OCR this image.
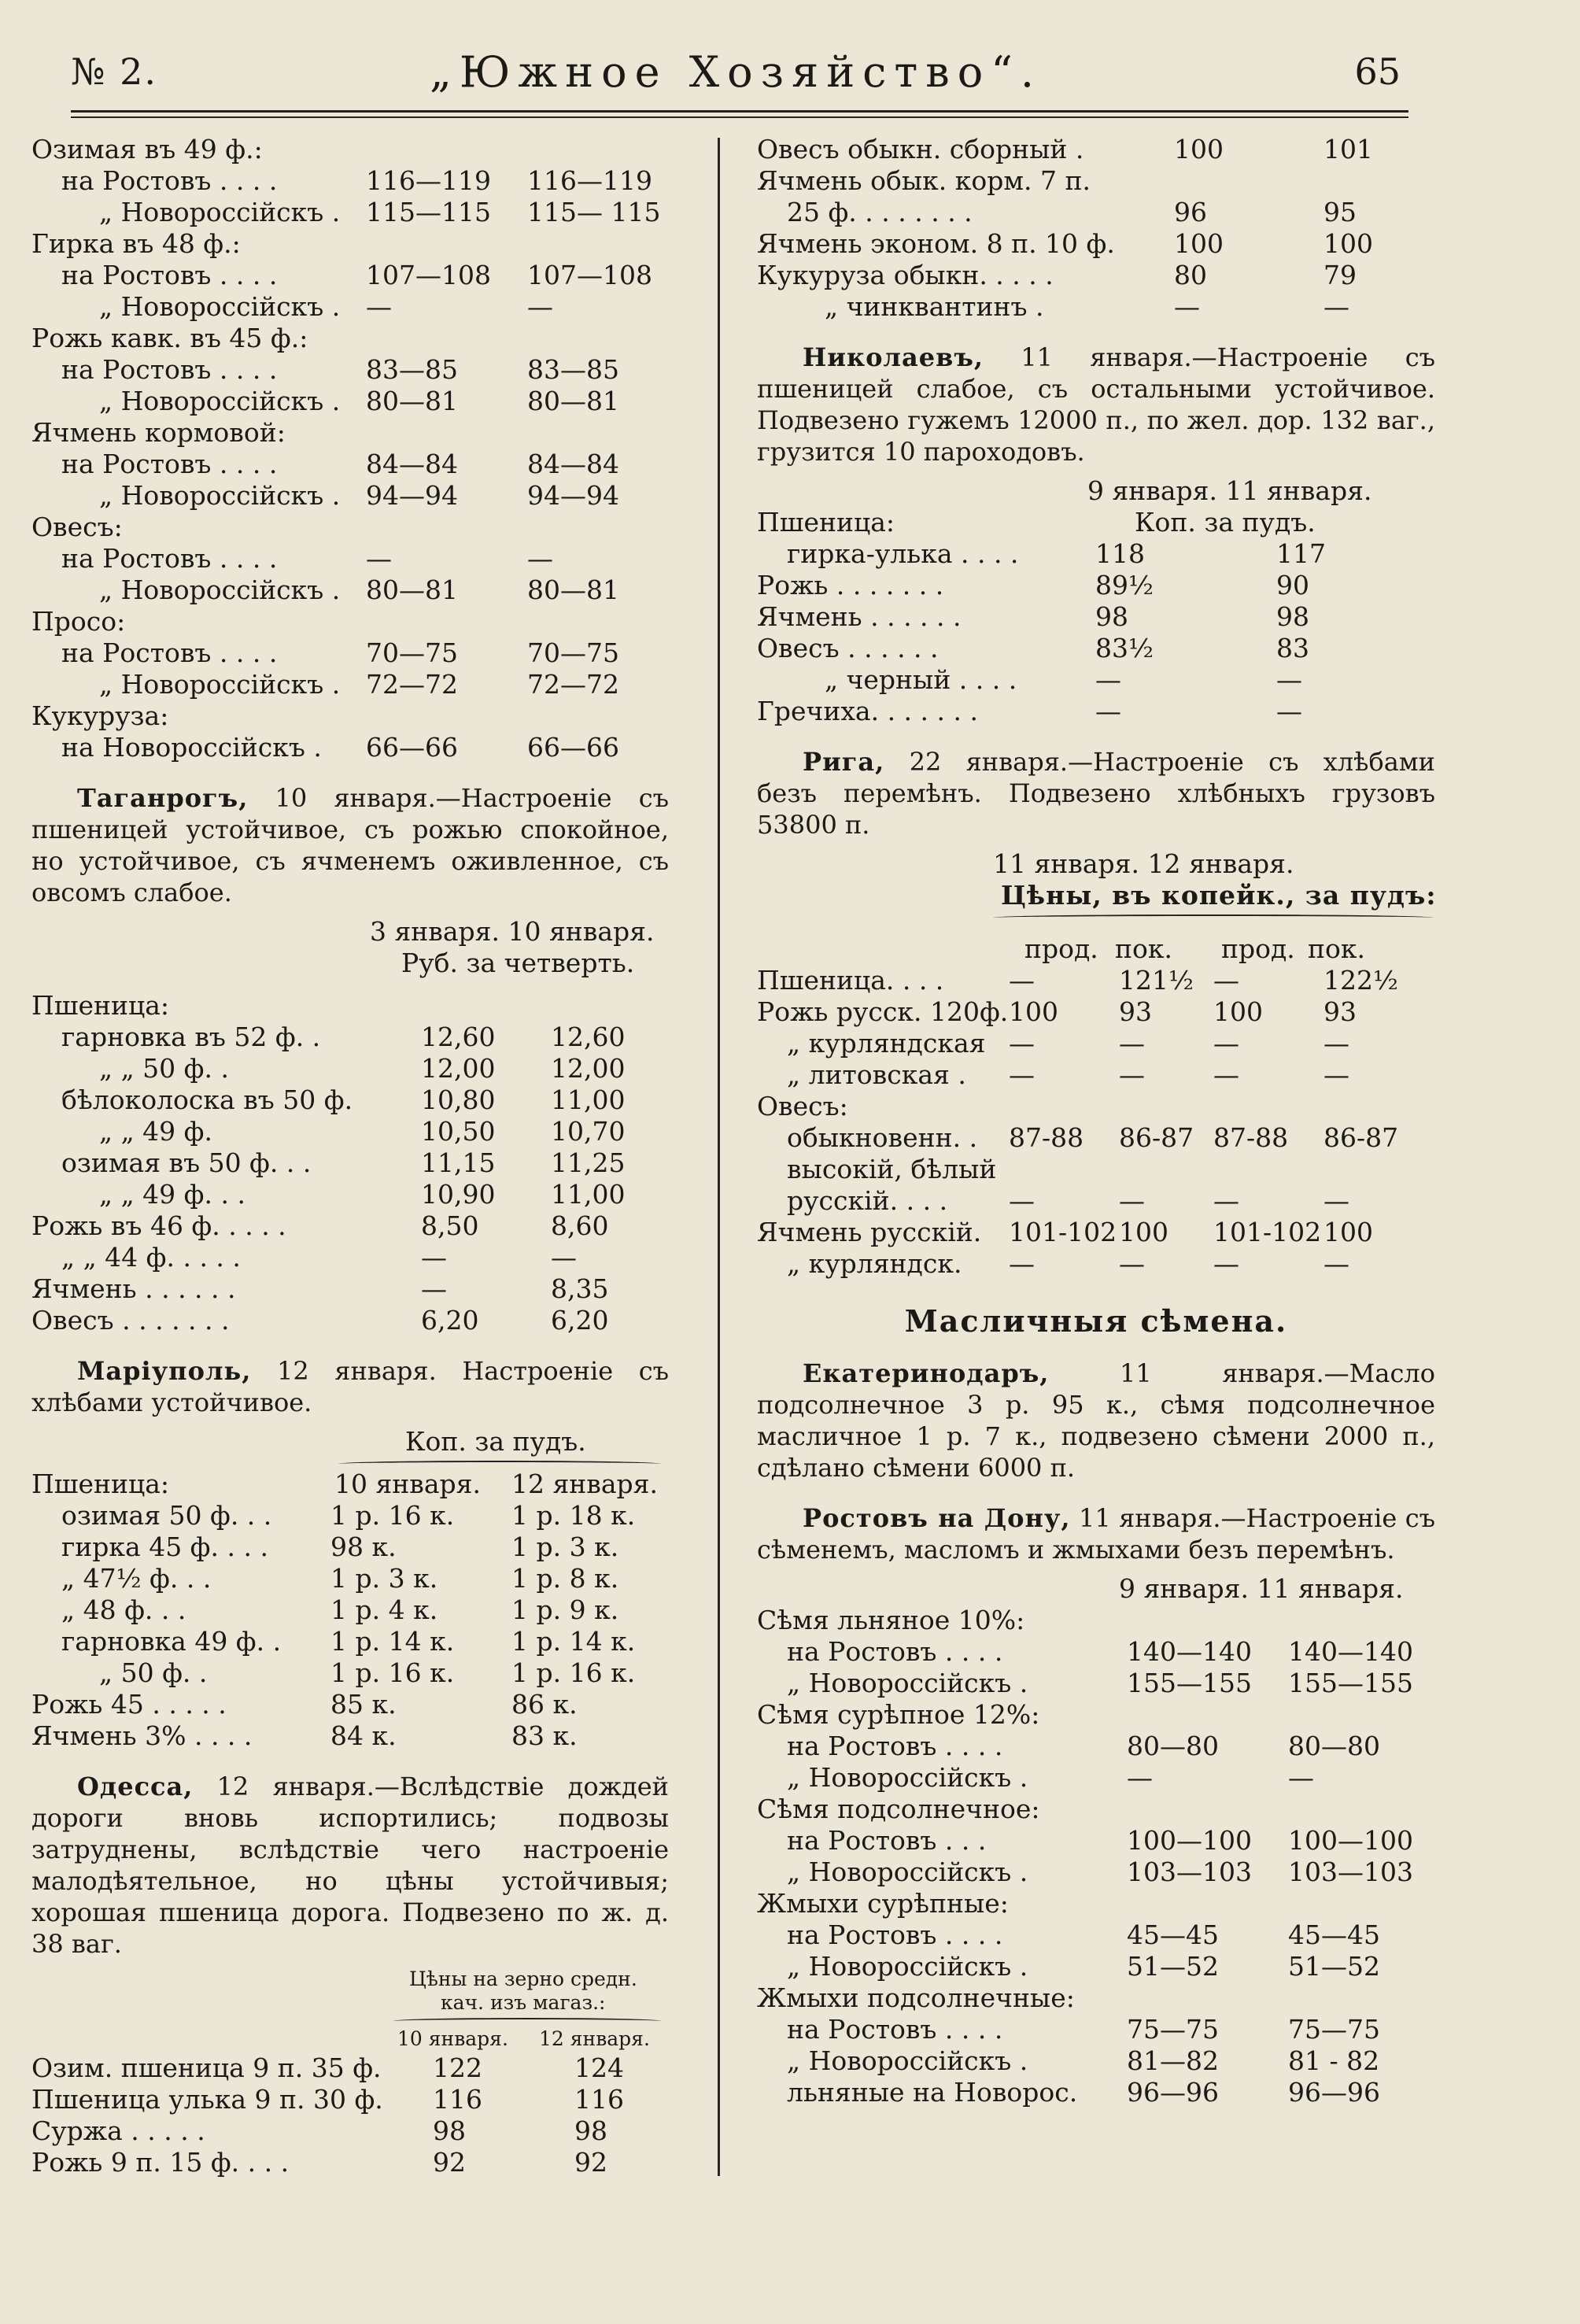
№ 2.	„Южное Хозяйство“.	65
Озимая въ 49 ф.:
на Ростовъ . . . .	116—119 116—119
„ Новороссійскъ . 115—115 115— 115
Гирка въ 48 ф.:
на Ростовъ . . . .	107—108 107—108
„ Новороссійскъ . —	—
Рожь кавк. въ 45 ф.:
на Ростовъ . . . .	83—85	83—85
„ Новороссійскъ . 80—81	80—81
Ячмень кормовой:
на Ростовъ . . . .	84—84	84—84
„ Новороссійскъ . 94—94	94—94
Овесъ:
на Ростовъ . . . .	—	—
„ Новороссійскъ . 80—81	80—81
Просо:
на Ростовъ . . . .	70—75	70—75
„ Новороссійскъ . 72—72	72—72
Кукуруза:
на Новороссійскъ . 66—66	66—66

Таганрогъ, 10 января.—Настроеніе съ пшеницей устойчивое, съ рожью спокойное, но устойчивое, съ ячменемъ оживленное, съ овсомъ слабое.

3 января. 10 января.
Руб. за четверть.
Пшеница:
гарновка въ 52 ф. .	12,60 12,60
„ „ 50 ф. .	12,00 12,00
бѣлоколоска въ 50 ф.	10,80 11,00
„ „ 49 ф.	10,50 10,70
озимая въ 50 ф. . .	11,15 11,25
„ „ 49 ф. . .	10,90 11,00
Рожь въ 46 ф. . . . .	8,50	8,60
„ „ 44 ф. . . . .	—	—
Ячмень . . . . . .	—	8,35
Овесъ . . . . . . .	6,20	6,20

Маріуполь, 12 января. Настроеніе съ хлѣбами устойчивое.

Коп. за пудъ.
Пшеница:	10 января. 12 января.
озимая 50 ф. . . 1 р. 16 к. 1 р. 18 к.
гирка 45 ф. . . . 98 к.	1 р. 3 к.
„ 47½ ф. . .	1 р. 3 к.	1 р. 8 к.
„ 48 ф. . .	1 р. 4 к.	1 р. 9 к.
гарновка 49 ф. . 1 р. 14 к. 1 р. 14 к.
„ 50 ф. .	1 р. 16 к. 1 р. 16 к.
Рожь 45 . . . . .	85 к.	86 к.
Ячмень 3% . . . .	84 к.	83 к.

Одесса, 12 января.—Вслѣдствіе дождей дороги вновь испортились; подвозы затруднены, вслѣдствіе чего настроеніе малодѣятельное, но цѣны устойчивыя; хорошая пшеница дорога. Подвезено по ж. д. 38 ваг.

Цѣны на зерно средн.
кач. изъ магаз.:
10 января. 12 января.
Озим. пшеница 9 п. 35 ф. 122	124
Пшеница улька 9 п. 30 ф. 116	116
Суржа . . . . .	98	98
Рожь 9 п. 15 ф. . . .	92	92
Овесъ обыкн. сборный .	100	101
Ячмень обык. корм. 7 п.
25 ф. . . . . . . .	96	95
Ячмень эконом. 8 п. 10 ф. 100	100
Кукуруза обыкн. . . . .	80	79
„ чинквантинъ .	—	—

Николаевъ, 11 января.—Настроеніе съ пшеницей слабое, съ остальными устойчивое. Подвезено гужемъ 12000 п., по жел. дор. 132 ваг., грузится 10 пароходовъ.

9 января. 11 января.
Пшеница:	Коп. за пудъ.
гирка-улька . . . .	118	117
Рожь . . . . . . .	89½	90
Ячмень . . . . . .	98	98
Овесъ . . . . . .	83½	83
„ черный . . . .	—	—
Гречиха. . . . . . .	—	—

Рига, 22 января.—Настроеніе съ хлѣбами безъ перемѣнъ. Подвезено хлѣбныхъ грузовъ 53800 п.

11 января. 12 января.
Цѣны, въ копейк., за пудъ:
прод. пок. прод. пок.
Пшеница. . . .	—	121½ —	122½
Рожь русск. 120ф. 100 93 100 93
„ курляндская —	—	—	—
„ литовская . —	—	—	—
Овесъ:
обыкновенн. . 87-88 86-87 87-88 86-87
высокій, бѣлый
русскій. . . . —	—	—	—
Ячмень русскій. 101-102 100 101-102 100
„ курляндск. —	—	—	—
Масличныя сѣмена.

Екатеринодаръ,	11 января.—Масло подсолнечное 3 р. 95 к., сѣмя подсолнечное масличное 1 р. 7 к., подвезено сѣмени 2000 п., сдѣлано сѣмени 6000 п.

Ростовъ на Дону, 11 января.—Настроеніе съ сѣменемъ, масломъ и жмыхами безъ перемѣнъ.

9 января. 11 января.
Сѣмя льняное 10%:
на Ростовъ . . . .	140—140 140—140
„ Новороссійскъ .	155—155 155—155
Сѣмя сурѣпное 12%:
на Ростовъ . . . .	80—80	80—80
„ Новороссійскъ .	—	—
Сѣмя подсолнечное:
на Ростовъ . . .	100—100 100—100
„ Новороссійскъ .	103—103 103—103
Жмыхи сурѣпные:
на Ростовъ . . . .	45—45	45—45
„ Новороссійскъ .	51—52	51—52
Жмыхи подсолнечные:
на Ростовъ . . . .	75—75	75—75
„ Новороссійскъ .	81—82	81 - 82
льняные на Новорос. 96—96	96—96
